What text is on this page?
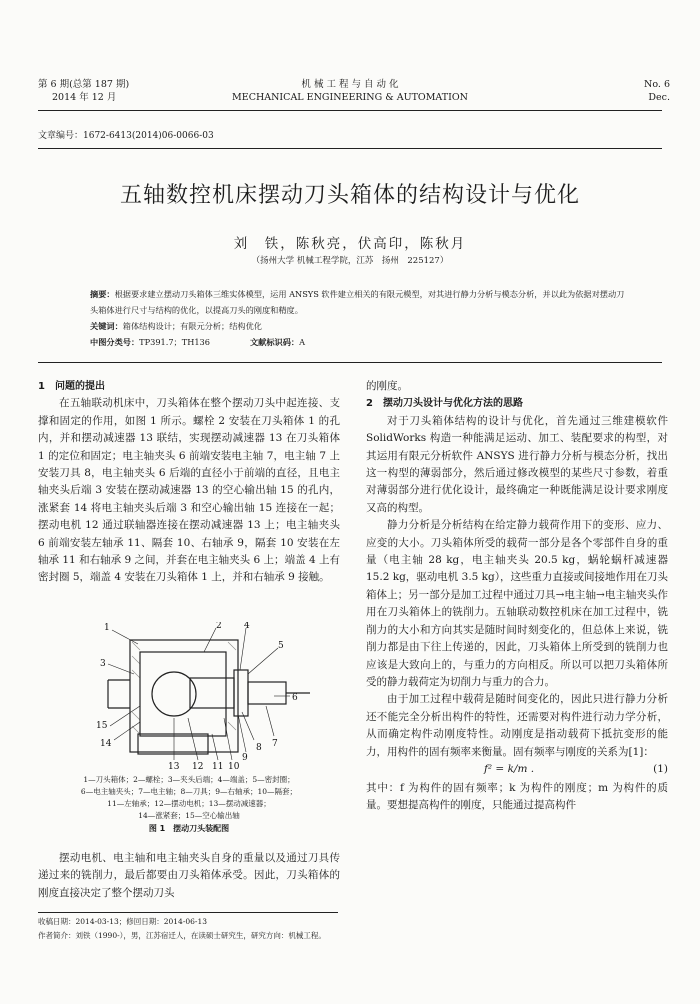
第 6 期(总第 187 期)
2014 年 12 月
机 械 工 程 与 自 动 化
MECHANICAL ENGINEERING & AUTOMATION
No. 6
Dec.
文章编号：1672-6413(2014)06-0066-03
五轴数控机床摆动刀头箱体的结构设计与优化
刘　铁，陈秋亮，伏高印，陈秋月
（扬州大学 机械工程学院，江苏　扬州　225127）
摘要：根据要求建立摆动刀头箱体三维实体模型，运用 ANSYS 软件建立相关的有限元模型，对其进行静力分析与模态分析，并以此为依据对摆动刀头箱体进行尺寸与结构的优化，以提高刀头的刚度和精度。
关键词：箱体结构设计；有限元分析；结构优化
中图分类号：TP391.7；TH136	文献标识码：A
1　问题的提出
在五轴联动机床中，刀头箱体在整个摆动刀头中起连接、支撑和固定的作用，如图 1 所示。螺栓 2 安装在刀头箱体 1 的孔内，并和摆动减速器 13 联结，实现摆动减速器 13 在刀头箱体 1 的定位和固定；电主轴夹头 6 前端安装电主轴 7，电主轴 7 上安装刀具 8，电主轴夹头 6 后端的直径小于前端的直径，且电主轴夹头后端 3 安装在摆动减速器 13 的空心输出轴 15 的孔内，涨紧套 14 将电主轴夹头后端 3 和空心输出轴 15 连接在一起；摆动电机 12 通过联轴器连接在摆动减速器 13 上；电主轴夹头 6 前端安装左轴承 11、隔套 10、右轴承 9，隔套 10 安装在左轴承 11 和右轴承 9 之间，并套在电主轴夹头 6 上；端盖 4 上有密封圈 5，端盖 4 安装在刀头箱体 1 上，并和右轴承 9 接触。
1	2
3
4
5
6
7
8
9
10
11
12
13
14
15
1—刀头箱体；2—螺栓；3—夹头后端；4—端盖；5—密封圈；
6—电主轴夹头；7—电主轴；8—刀具；9—右轴承；10—隔套；
11—左轴承；12—摆动电机；13—摆动减速器；
14—涨紧套；15—空心输出轴
图 1　摆动刀头装配图
摆动电机、电主轴和电主轴夹头自身的重量以及通过刀具传递过来的铣削力，最后都要由刀头箱体承受。因此，刀头箱体的刚度直接决定了整个摆动刀头
的刚度。
2　摆动刀头设计与优化方法的思路
对于刀头箱体结构的设计与优化，首先通过三维建模软件 SolidWorks 构造一种能满足运动、加工、装配要求的构型，对其运用有限元分析软件 ANSYS 进行静力分析与模态分析，找出这一构型的薄弱部分，然后通过修改模型的某些尺寸参数，着重对薄弱部分进行优化设计，最终确定一种既能满足设计要求刚度又高的构型。
静力分析是分析结构在给定静力载荷作用下的变形、应力、应变的大小。刀头箱体所受的载荷一部分是各个零部件自身的重量（电主轴 28 kg，电主轴夹头 20.5 kg，蜗轮蜗杆减速器 15.2 kg，驱动电机 3.5 kg），这些重力直接或间接地作用在刀头箱体上；另一部分是加工过程中通过刀具→电主轴→电主轴夹头作用在刀头箱体上的铣削力。五轴联动数控机床在加工过程中，铣削力的大小和方向其实是随时间时刻变化的，但总体上来说，铣削力都是由下往上传递的，因此，刀头箱体上所受到的铣削力也应该是大致向上的，与重力的方向相反。所以可以把刀头箱体所受的静力载荷定为切削力与重力的合力。
由于加工过程中载荷是随时间变化的，因此只进行静力分析还不能完全分析出构件的特性，还需要对构件进行动力学分析，从而确定构件动刚度特性。动刚度是指动载荷下抵抗变形的能力，用构件的固有频率来衡量。固有频率与刚度的关系为[1]：
f² = k/m .	(1)
其中：f 为构件的固有频率；k 为构件的刚度；m 为构件的质量。要想提高构件的刚度，只能通过提高构件
收稿日期：2014-03-13；修回日期：2014-06-13
作者简介：刘铁（1990-），男，江苏宿迁人，在读硕士研究生，研究方向：机械工程。
